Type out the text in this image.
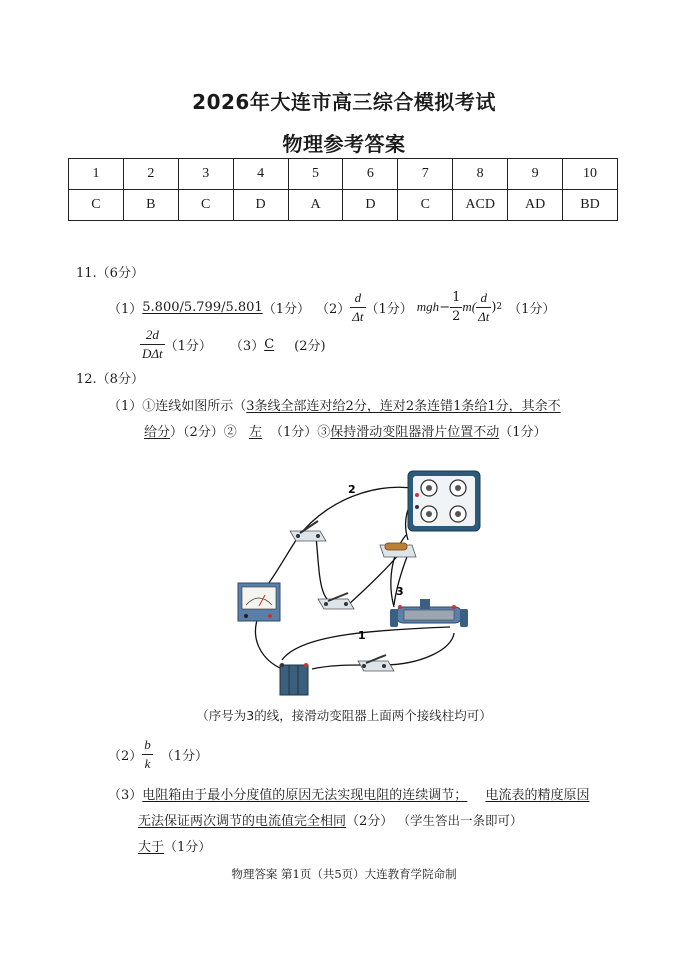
2026年大连市高三综合模拟考试
物理参考答案
1	2	3	4	5	6	7	8	9	10
C	B	C	D	A	D	C	ACD	AD	BD
11.（6分）
（1） 5.800/5.799/5.801 （1分） $(2) \frac{d}{\Delta t} (1$分） mgh − $\frac{1}{2} m( \frac{d}{\Delta t}$ ) 2 （1分）
$\frac{2d}{\text{DΔt}} (1$分） （3） C (2分)
12.（8分）
（1）①连线如图所示（3条线全部连对给2分，连对2条连错1条给1分，其余不
给分）（2分）② 左 （1分）③保持滑动变阻器滑片位置不动（1分）
2
3
1
（序号为3的线，接滑动变阻器上面两个接线柱均可）
$(2) \frac{b}{k} (1$分）
（3）电阻箱由于最小分度值的原因无法实现电阻的连续调节； 电流表的精度原因
无法保证两次调节的电流值完全相同（2分） （学生答出一条即可）
大于（1分）
物理答案 第1页（共5页）大连教育学院命制
